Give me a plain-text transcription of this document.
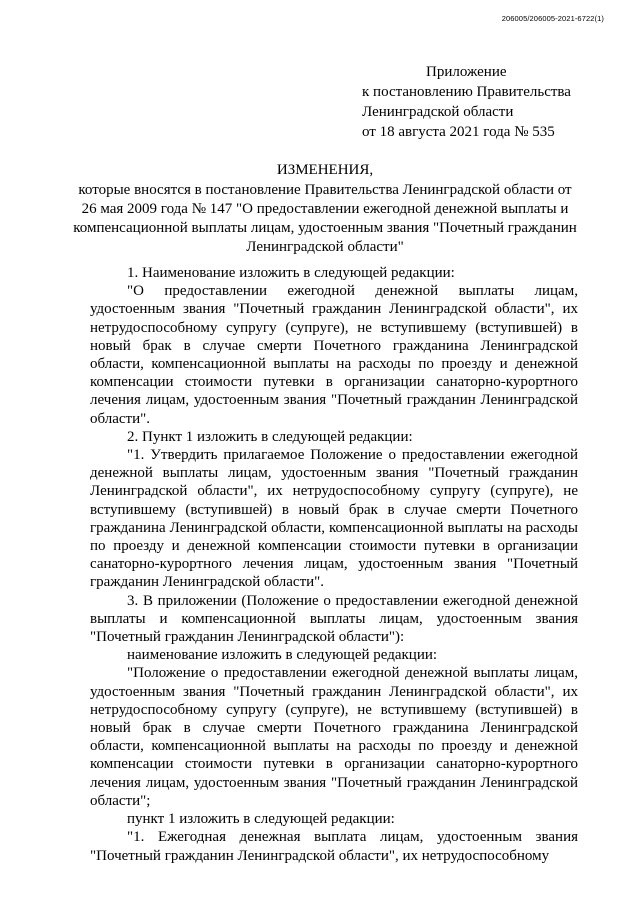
206005/206005-2021-6722(1)
Приложение
к постановлению Правительства
Ленинградской области
от 18 августа 2021 года № 535
ИЗМЕНЕНИЯ,
которые вносятся в постановление Правительства Ленинградской области от 26 мая 2009 года № 147 "О предоставлении ежегодной денежной выплаты и компенсационной выплаты лицам, удостоенным звания "Почетный гражданин Ленинградской области"

1. Наименование изложить в следующей редакции:

"О предоставлении ежегодной денежной выплаты лицам, удостоенным звания "Почетный гражданин Ленинградской области", их нетрудоспособному супругу (супруге), не вступившему (вступившей) в новый брак в случае смерти Почетного гражданина Ленинградской области, компенсационной выплаты на расходы по проезду и денежной компенсации стоимости путевки в организации санаторно-курортного лечения лицам, удостоенным звания "Почетный гражданин Ленинградской области".

2. Пункт 1 изложить в следующей редакции:

"1. Утвердить прилагаемое Положение о предоставлении ежегодной денежной выплаты лицам, удостоенным звания "Почетный гражданин Ленинградской области", их нетрудоспособному супругу (супруге), не вступившему (вступившей) в новый брак в случае смерти Почетного гражданина Ленинградской области, компенсационной выплаты на расходы по проезду и денежной компенсации стоимости путевки в организации санаторно-курортного лечения лицам, удостоенным звания "Почетный гражданин Ленинградской области".

3. В приложении (Положение о предоставлении ежегодной денежной выплаты и компенсационной выплаты лицам, удостоенным звания "Почетный гражданин Ленинградской области"):

наименование изложить в следующей редакции:

"Положение о предоставлении ежегодной денежной выплаты лицам, удостоенным звания "Почетный гражданин Ленинградской области", их нетрудоспособному супругу (супруге), не вступившему (вступившей) в новый брак в случае смерти Почетного гражданина Ленинградской области, компенсационной выплаты на расходы по проезду и денежной компенсации стоимости путевки в организации санаторно-курортного лечения лицам, удостоенным звания "Почетный гражданин Ленинградской области";

пункт 1 изложить в следующей редакции:

"1. Ежегодная денежная выплата лицам, удостоенным звания "Почетный гражданин Ленинградской области", их нетрудоспособному
